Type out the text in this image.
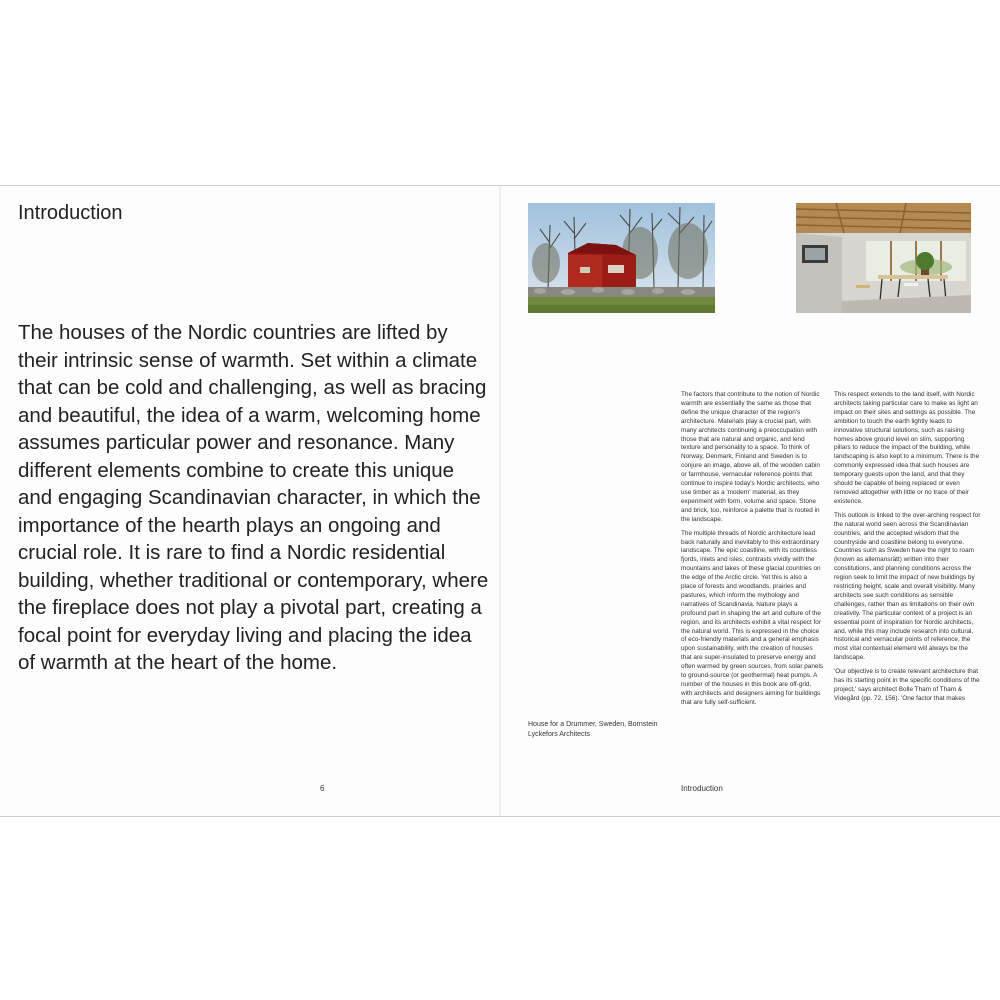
Introduction

The houses of the Nordic countries are lifted by their intrinsic sense of warmth. Set within a climate that can be cold and challenging, as well as bracing and beautiful, the idea of a warm, welcoming home assumes particular power and resonance. Many different elements combine to create this unique and engaging Scandinavian character, in which the importance of the hearth plays an ongoing and crucial role. It is rare to find a Nordic residential building, whether traditional or contemporary, where the fireplace does not play a pivotal part, creating a focal point for everyday living and placing the idea of warmth at the heart of the home.

6
House for a Drummer, Sweden, Bornstein Lyckefors Architects

The factors that contribute to the notion of Nordic warmth are essentially the same as those that define the unique character of the region's architecture. Materials play a crucial part, with many architects continuing a preoccupation with those that are natural and organic, and lend texture and personality to a space. To think of Norway, Denmark, Finland and Sweden is to conjure an image, above all, of the wooden cabin or farmhouse, vernacular reference points that continue to inspire today's Nordic architects, who use timber as a 'modern' material, as they experiment with form, volume and space. Stone and brick, too, reinforce a palette that is rooted in the landscape.

The multiple threads of Nordic architecture lead back naturally and inevitably to this extraordinary landscape. The epic coastline, with its countless fjords, inlets and isles, contrasts vividly with the mountains and lakes of these glacial countries on the edge of the Arctic circle. Yet this is also a place of forests and woodlands, prairies and pastures, which inform the mythology and narratives of Scandinavia. Nature plays a profound part in shaping the art and culture of the region, and its architects exhibit a vital respect for the natural world. This is expressed in the choice of eco-friendly materials and a general emphasis upon sustainability, with the creation of houses that are super-insulated to preserve energy and often warmed by green sources, from solar panels to ground-source (or geothermal) heat pumps. A number of the houses in this book are off-grid, with architects and designers aiming for buildings that are fully self-sufficient.

This respect extends to the land itself, with Nordic architects taking particular care to make as light an impact on their sites and settings as possible. The ambition to touch the earth lightly leads to innovative structural solutions, such as raising homes above ground level on slim, supporting pillars to reduce the impact of the building, while landscaping is also kept to a minimum. There is the commonly expressed idea that such houses are temporary guests upon the land, and that they should be capable of being replaced or even removed altogether with little or no trace of their existence.

This outlook is linked to the over-arching respect for the natural world seen across the Scandinavian countries, and the accepted wisdom that the countryside and coastline belong to everyone. Countries such as Sweden have the right to roam (known as allemansrätt) written into their constitutions, and planning conditions across the region seek to limit the impact of new buildings by restricting height, scale and overall visibility. Many architects see such conditions as sensible challenges, rather than as limitations on their own creativity. The particular context of a project is an essential point of inspiration for Nordic architects, and, while this may include research into cultural, historical and vernacular points of reference, the most vital contextual element will always be the landscape.

'Our objective is to create relevant architecture that has its starting point in the specific conditions of the project,' says architect Bolle Tham of Tham & Videgård (pp. 72, 156). 'One factor that makes

Introduction
